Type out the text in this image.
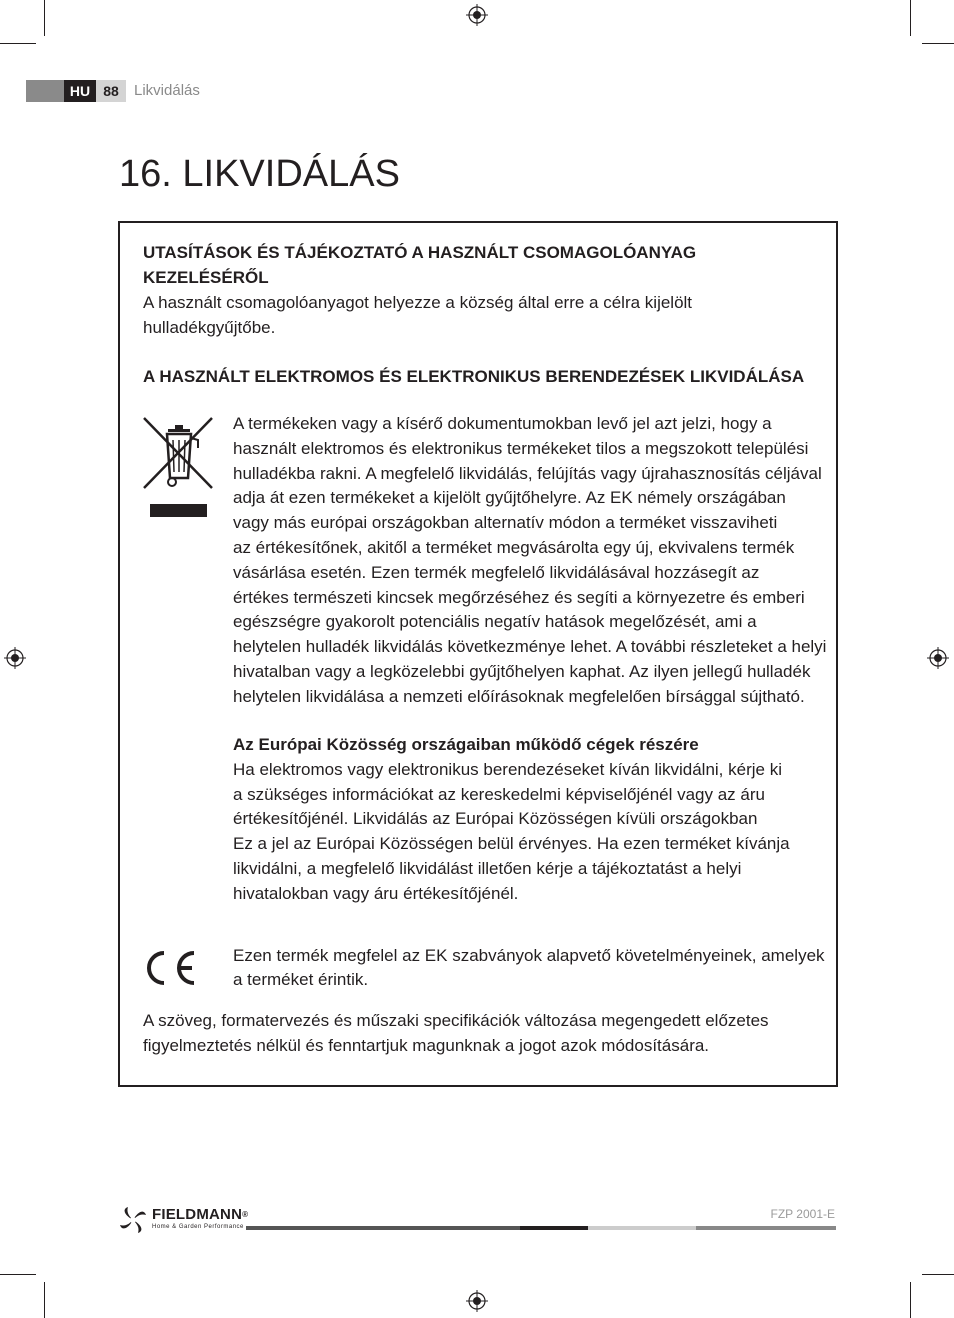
HU 88	Likvidálás
16. LIKVIDÁLÁS
UTASÍTÁSOK ÉS TÁJÉKOZTATÓ A HASZNÁLT CSOMAGOLÓANYAG
KEZELÉSÉRŐL
A használt csomagolóanyagot helyezze a község által erre a célra kijelölt
hulladékgyűjtőbe.
A HASZNÁLT ELEKTROMOS ÉS ELEKTRONIKUS BERENDEZÉSEK LIKVIDÁLÁSA
A termékeken vagy a kísérő dokumentumokban levő jel azt jelzi, hogy a
használt elektromos és elektronikus termékeket tilos a megszokott települési
hulladékba rakni. A megfelelő likvidálás, felújítás vagy újrahasznosítás céljával
adja át ezen termékeket a kijelölt gyűjtőhelyre. Az EK némely országában
vagy más európai országokban alternatív módon a terméket visszaviheti
az értékesítőnek, akitől a terméket megvásárolta egy új, ekvivalens termék
vásárlása esetén. Ezen termék megfelelő likvidálásával hozzásegít az
értékes természeti kincsek megőrzéséhez és segíti a környezetre és emberi
egészségre gyakorolt potenciális negatív hatások megelőzését, ami a
helytelen hulladék likvidálás következménye lehet. A további részleteket a helyi
hivatalban vagy a legközelebbi gyűjtőhelyen kaphat. Az ilyen jellegű hulladék
helytelen likvidálása a nemzeti előírásoknak megfelelően bírsággal sújtható.
Az Európai Közösség országaiban működő cégek részére
Ha elektromos vagy elektronikus berendezéseket kíván likvidálni, kérje ki
a szükséges információkat az kereskedelmi képviselőjénél vagy az áru
értékesítőjénél. Likvidálás az Európai Közösségen kívüli országokban
Ez a jel az Európai Közösségen belül érvényes. Ha ezen terméket kívánja
likvidálni, a megfelelő likvidálást illetően kérje a tájékoztatást a helyi
hivatalokban vagy áru értékesítőjénél.
Ezen termék megfelel az EK szabványok alapvető követelményeinek, amelyek
a terméket érintik.
A szöveg, formatervezés és műszaki specifikációk változása megengedett előzetes
figyelmeztetés nélkül és fenntartjuk magunknak a jogot azok módosítására.
FIELDMANN®
Home & Garden Performance
FZP 2001-E
